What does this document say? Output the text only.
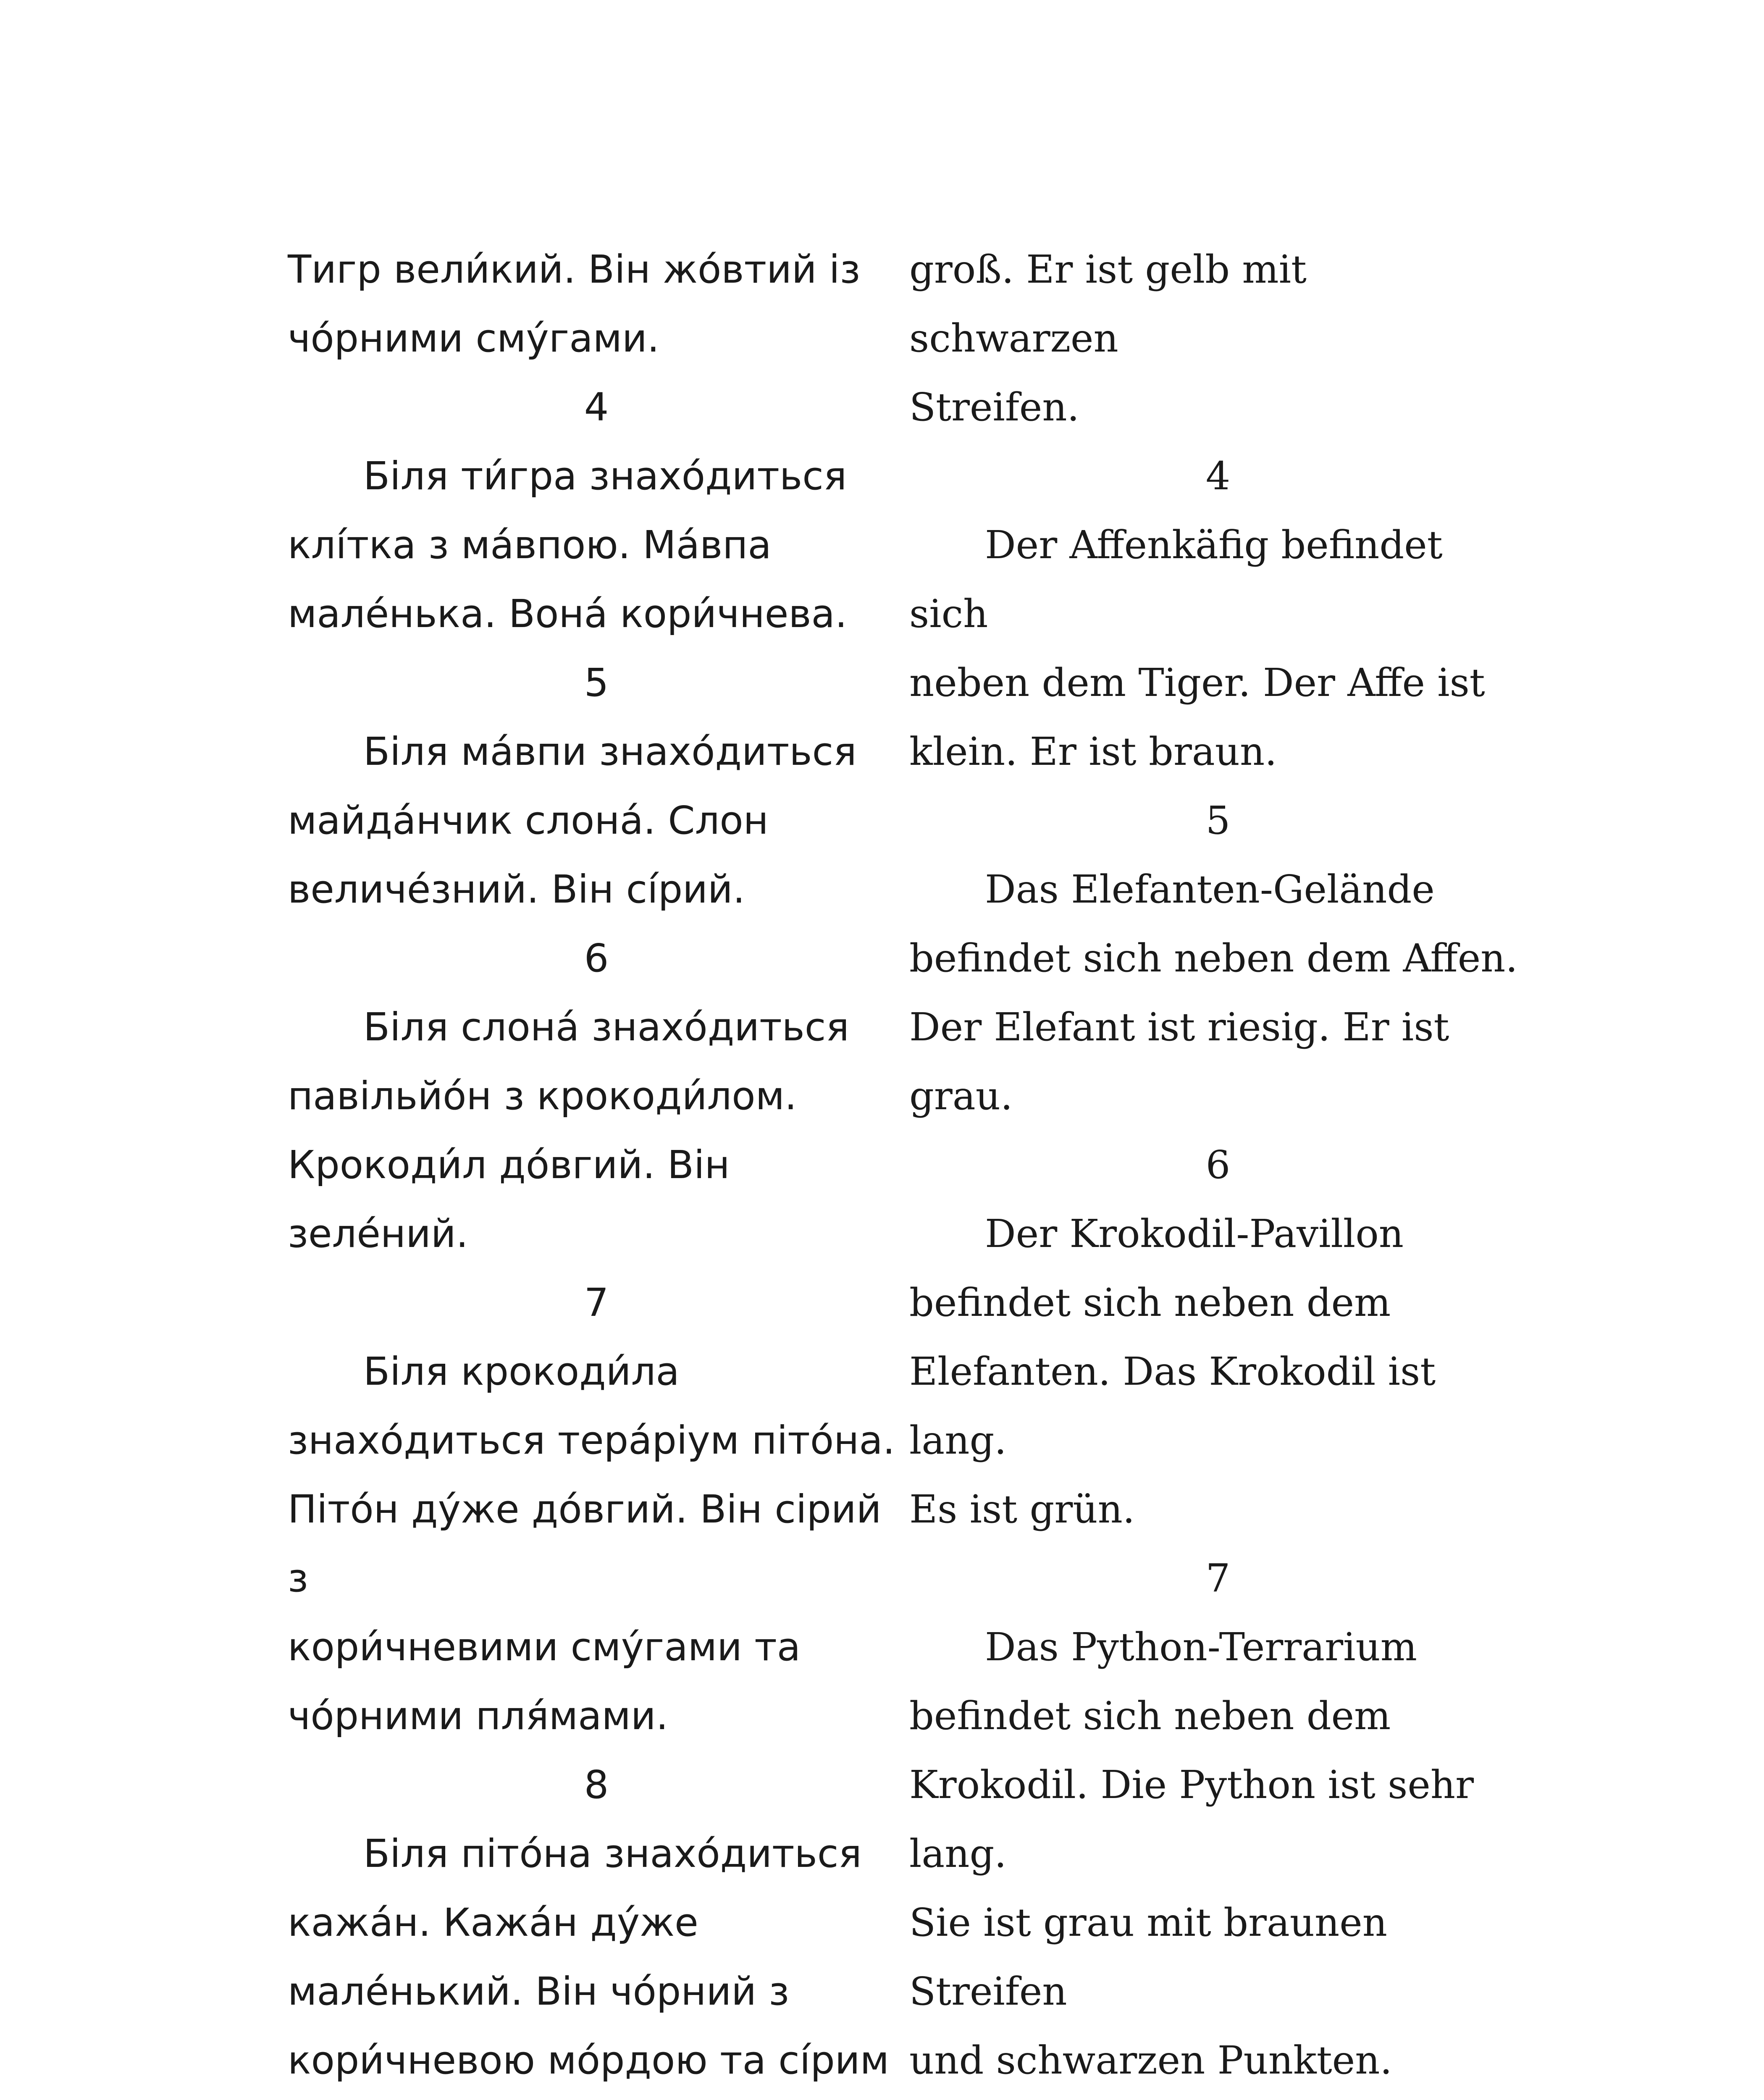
Тигр вели́кий. Він жо́втий із
чо́рними сму́гами.

4

Біля ти́гра знахо́диться
клі́тка з ма́впою. Ма́впа
мале́нька. Вона́ кори́чнева.

5

Біля ма́впи знахо́диться
майда́нчик слона́. Слон
величе́зний. Він сі́рий.

6

Біля слона́ знахо́диться
павільйо́н з крокоди́лом.
Крокоди́л до́вгий. Він
зеле́ний.

7

Біля крокоди́ла
знахо́диться тера́ріум піто́на.
Піто́н ду́же до́вгий. Він сірий з
кори́чневими сму́гами та
чо́рними пля́мами.

8

Біля піто́на знахо́диться
кажа́н. Кажа́н ду́же
мале́нький. Він чо́рний з
кори́чневою мо́рдою та сі́рим

groß. Er ist gelb mit schwarzen
Streifen.

4

Der Affenkäfig befindet sich
neben dem Tiger. Der Affe ist
klein. Er ist braun.

5

Das Elefanten-Gelände
befindet sich neben dem Affen.
Der Elefant ist riesig. Er ist grau.

6

Der Krokodil-Pavillon
befindet sich neben dem
Elefanten. Das Krokodil ist lang.
Es ist grün.

7

Das Python-Terrarium
befindet sich neben dem
Krokodil. Die Python ist sehr lang.
Sie ist grau mit braunen Streifen
und schwarzen Punkten.
